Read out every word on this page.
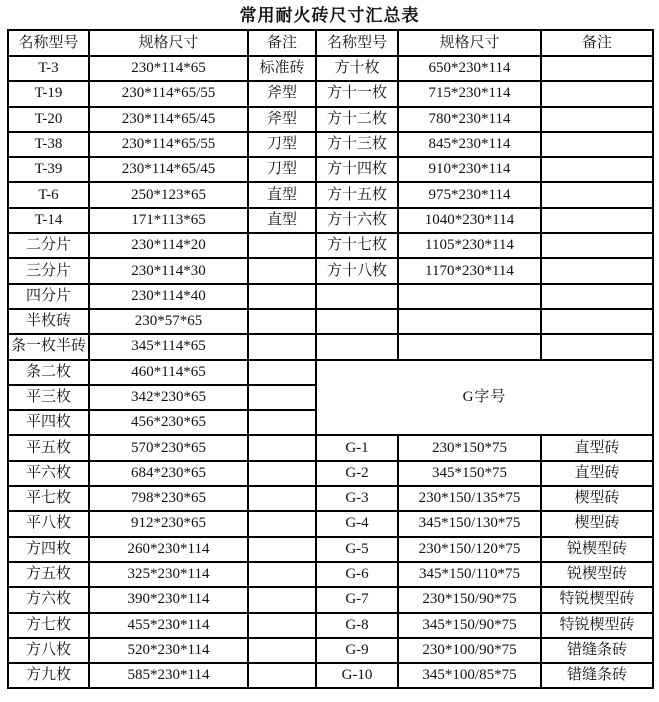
常用耐火砖尺寸汇总表
名称型号	规格尺寸	备注	名称型号	规格尺寸	备注
T-3	230*114*65	标准砖	方十枚	650*230*114	
T-19	230*114*65/55	斧型	方十一枚	715*230*114	
T-20	230*114*65/45	斧型	方十二枚	780*230*114	
T-38	230*114*65/55	刀型	方十三枚	845*230*114	
T-39	230*114*65/45	刀型	方十四枚	910*230*114	
T-6	250*123*65	直型	方十五枚	975*230*114	
T-14	171*113*65	直型	方十六枚	1040*230*114	
二分片	230*114*20		方十七枚	1105*230*114	
三分片	230*114*30		方十八枚	1170*230*114	
四分片	230*114*40				
半枚砖	230*57*65				
条一枚半砖	345*114*65				
条二枚	460*114*65		G字号		
平三枚	342*230*65				
平四枚	456*230*65				
平五枚	570*230*65		G-1	230*150*75	直型砖
平六枚	684*230*65		G-2	345*150*75	直型砖
平七枚	798*230*65		G-3	230*150/135*75	楔型砖
平八枚	912*230*65		G-4	345*150/130*75	楔型砖
方四枚	260*230*114		G-5	230*150/120*75	锐楔型砖
方五枚	325*230*114		G-6	345*150/110*75	锐楔型砖
方六枚	390*230*114		G-7	230*150/90*75	特锐楔型砖
方七枚	455*230*114		G-8	345*150/90*75	特锐楔型砖
方八枚	520*230*114		G-9	230*100/90*75	错缝条砖
方九枚	585*230*114		G-10	345*100/85*75	错缝条砖
